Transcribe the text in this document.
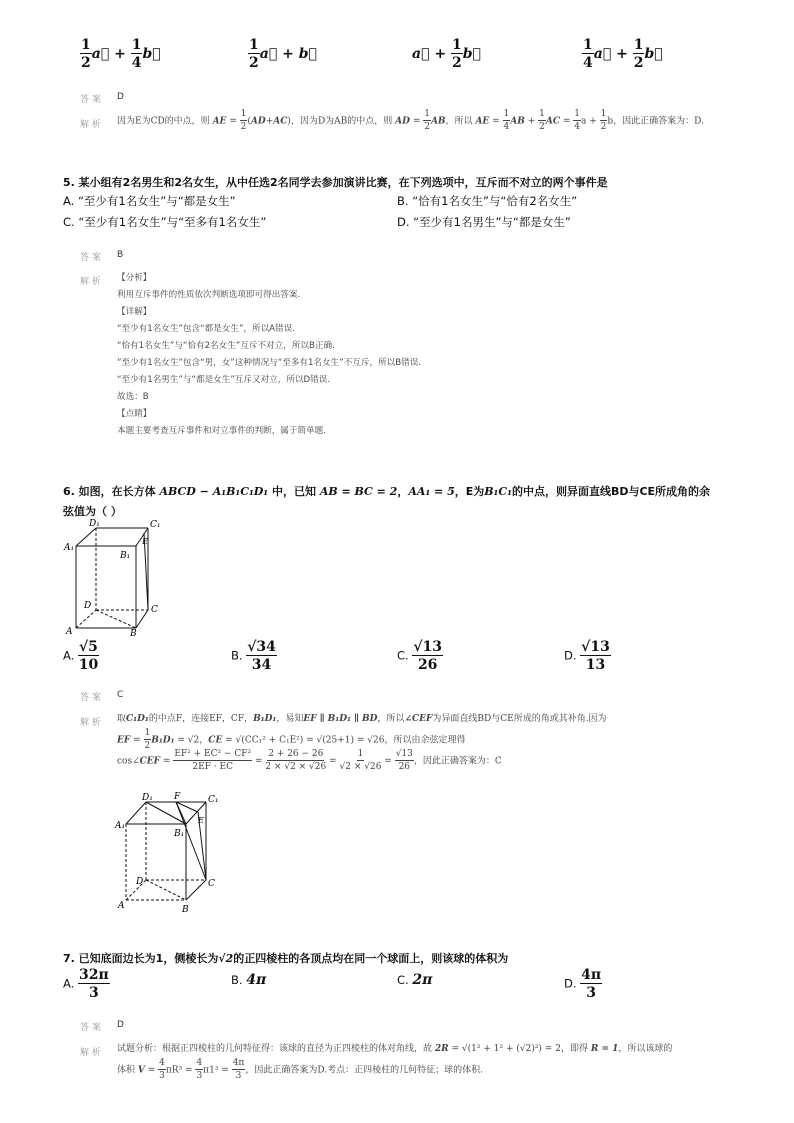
$\frac{1}{2}$ a⃗ + $\frac{1}{4}$ b⃗	$\frac{1}{2}$ a⃗ + b⃗	a⃗ + $\frac{1}{2}$ b⃗	$\frac{1}{4}$ a⃗ + $\frac{1}{2}$ b⃗
答 案 D
解 析 因为E为CD的中点，则 AE = $\frac{1}{2} (AD+AC)$，因为D为AB的中点，则 AD = $\frac{1}{2}$ AB，所以 AE = $\frac{1}{4}$ AB + $\frac{1}{2}$ AC = $\frac{1}{4}$ $a + \frac{1}{2}$ b，因此正确答案为：D.
5. 某小组有2名男生和2名女生，从中任选2名同学去参加演讲比赛，在下列选项中，互斥而不对立的两个事件是
A. “至少有1名女生”与“都是女生”	B. “恰有1名女生”与“恰有2名女生”
C. “至少有1名女生”与“至多有1名女生”	D. “至少有1名男生”与“都是女生”
答 案 B
解 析 【分析】
利用互斥事件的性质依次判断选项即可得出答案.
【详解】
“至少有1名女生”包含“都是女生”，所以A错误.
“恰有1名女生”与“恰有2名女生”互斥不对立，所以B正确.
“至少有1名女生”包含“男，女”这种情况与“至多有1名女生”不互斥，所以B错误.
“至少有1名男生”与“都是女生”互斥又对立，所以D错误.
故选：B
【点睛】
本题主要考查互斥事件和对立事件的判断，属于简单题.
6. 如图，在长方体 ABCD − A₁B₁C₁D₁ 中，已知 AB = BC = 2，AA₁ = 5，E为B₁C₁的中点，则异面直线BD与CE所成角的余
弦值为（ ）
D₁	C₁
E
A₁
B₁
D	C
A	B
A. $\frac{√5}{10}$	B. $\frac{√34}{34}$	C. $\frac{√13}{26}$	D. $\frac{√13}{13}$
答 案 C
解 析 取C₁D₁的中点F，连接EF，CF，B₁D₁，易知EF ∥ B₁D₁ ∥ BD，所以∠CEF为异面直线BD与CE所成的角或其补角.因为
EF = $\frac{1}{2} B_1D_1 = √2$，CE = √(CC₁² + C₁E²) = √(25+1) = √26，所以由余弦定理得
cos∠CEF = $\frac{\text{EF² + EC² − CF²}}{2EF \cdot EC} = \frac{2 + 26 - 26}{2 \times √2 \times √26} = \frac{1}{√2 \times √26} = \frac{√13}{26}$ ，因此正确答案为：C
D₁ F	C₁
E
A₁
B₁
D	C
A	B
7. 已知底面边长为1，侧棱长为√2的正四棱柱的各顶点均在同一个球面上，则该球的体积为
A. $\frac{32\pi}{3}$	B. 4π	C. 2π	D. $\frac{4\pi}{3}$
答 案 D
解 析 试题分析：根据正四棱柱的几何特征得：该球的直径为正四棱柱的体对角线，故 2R = √(1² + 1² + (√2)²) = 2，即得 R = 1，所以该球的
体积 $V = \frac{4}{3} \pi R^3 = \frac{4}{3} \pi 1^3 = \frac{4\pi}{3}$ ，因此正确答案为D.考点：正四棱柱的几何特征；球的体积.
